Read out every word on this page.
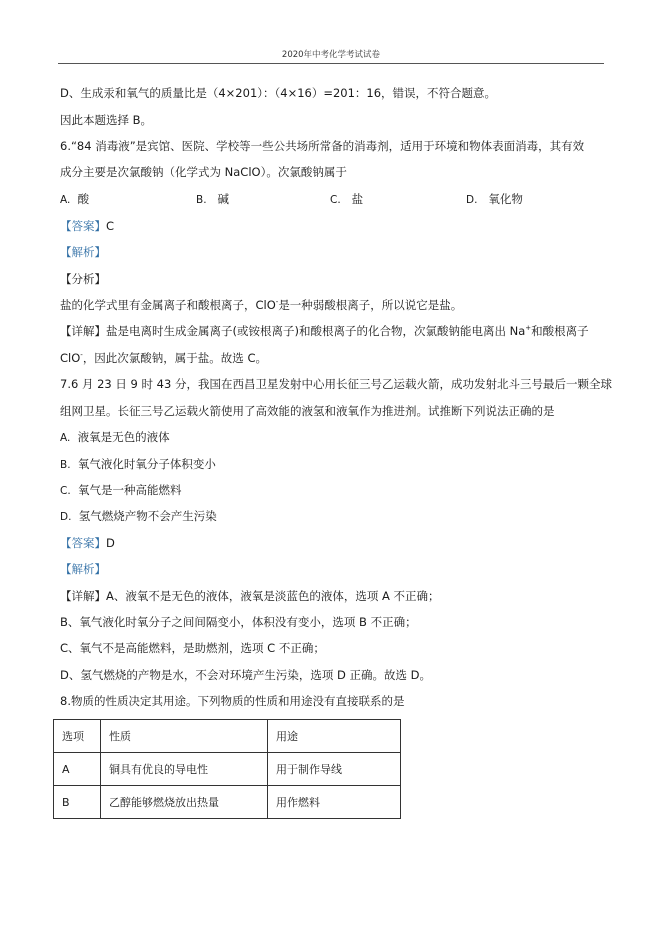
2020年中考化学考试试卷
D、生成汞和氧气的质量比是（4×201）：（4×16）=201：16，错误，不符合题意。
因此本题选择 B。
6.“84 消毒液”是宾馆、医院、学校等一些公共场所常备的消毒剂，适用于环境和物体表面消毒，其有效
成分主要是次氯酸钠（化学式为 NaClO）。次氯酸钠属于
A. 酸	B. 碱	C. 盐	D. 氧化物
【答案】C
【解析】
【分析】
盐的化学式里有金属离子和酸根离子，ClO-是一种弱酸根离子，所以说它是盐。
【详解】盐是电离时生成金属离子(或铵根离子)和酸根离子的化合物，次氯酸钠能电离出 Na+和酸根离子
ClO-，因此次氯酸钠，属于盐。故选 C。
7.6 月 23 日 9 时 43 分，我国在西昌卫星发射中心用长征三号乙运载火箭，成功发射北斗三号最后一颗全球
组网卫星。长征三号乙运载火箭使用了高效能的液氢和液氧作为推进剂。试推断下列说法正确的是
A. 液氧是无色的液体
B. 氧气液化时氧分子体积变小
C. 氧气是一种高能燃料
D. 氢气燃烧产物不会产生污染
【答案】D
【解析】
【详解】A、液氧不是无色的液体，液氧是淡蓝色的液体，选项 A 不正确；
B、氧气液化时氧分子之间间隔变小，体积没有变小，选项 B 不正确；
C、氧气不是高能燃料，是助燃剂，选项 C 不正确；
D、氢气燃烧的产物是水，不会对环境产生污染，选项 D 正确。故选 D。
8.物质的性质决定其用途。下列物质的性质和用途没有直接联系的是
选项	性质	用途
A	铜具有优良的导电性	用于制作导线
B	乙醇能够燃烧放出热量	用作燃料
